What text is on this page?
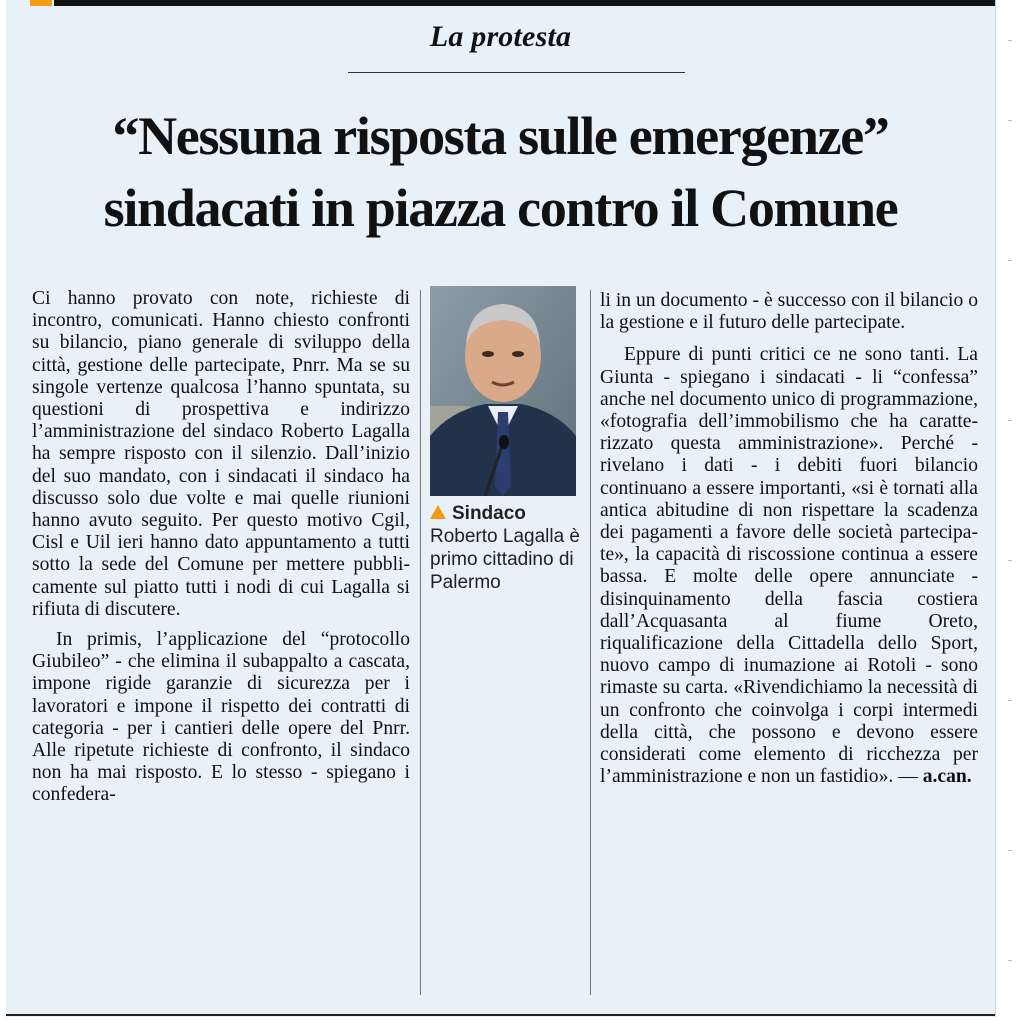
La protesta
“Nessuna risposta sulle emergenze”
sindacati in piazza contro il Comune

Ci hanno provato con note, richieste di incontro, comunicati. Hanno chiesto confronti su bilancio, piano generale di sviluppo della città, gestione delle partecipate, Pnrr. Ma se su singole vertenze qualcosa l’hanno spuntata, su questioni di prospettiva e indirizzo l’amministrazione del sindaco Roberto Lagalla ha sempre risposto con il silenzio. Dall’inizio del suo mandato, con i sindacati il sindaco ha discusso solo due volte e mai quelle riunioni hanno avuto seguito. Per questo motivo Cgil, Cisl e Uil ieri hanno dato appuntamento a tutti sotto la sede del Comune per mettere pubblicamente sul piatto tutti i nodi di cui Lagalla si rifiuta di discutere.

In primis, l’applicazione del “protocollo Giubileo” - che elimina il subappalto a cascata, impone rigide garanzie di sicurezza per i lavoratori e impone il rispetto dei contratti di categoria - per i cantieri delle opere del Pnrr. Alle ripetute richieste di confronto, il sindaco non ha mai risposto. E lo stesso - spiegano i confedera-

Sindaco
Roberto Lagalla è primo cittadino di Palermo

li in un documento - è successo con il bilancio o la gestione e il futuro delle partecipate.

Eppure di punti critici ce ne sono tanti. La Giunta - spiegano i sindacati - li “confessa” anche nel documento unico di programmazione, «fotografia dell’immobilismo che ha caratterizzato questa amministrazione». Perché -rivelano i dati - i debiti fuori bilancio continuano a essere importanti, «si è tornati alla antica abitudine di non rispettare la scadenza dei pagamenti a favore delle società partecipate», la capacità di riscossione continua a essere bassa. E molte delle opere annunciate - disinquinamento della fascia costiera dall’Acquasanta al fiume Oreto, riqualificazione della Cittadella dello Sport, nuovo campo di inumazione ai Rotoli - sono rimaste su carta. «Rivendichiamo la necessità di un confronto che coinvolga i corpi intermedi della città, che possono e devono essere considerati come elemento di ricchezza per l’amministrazione e non un fastidio». — a.can.
